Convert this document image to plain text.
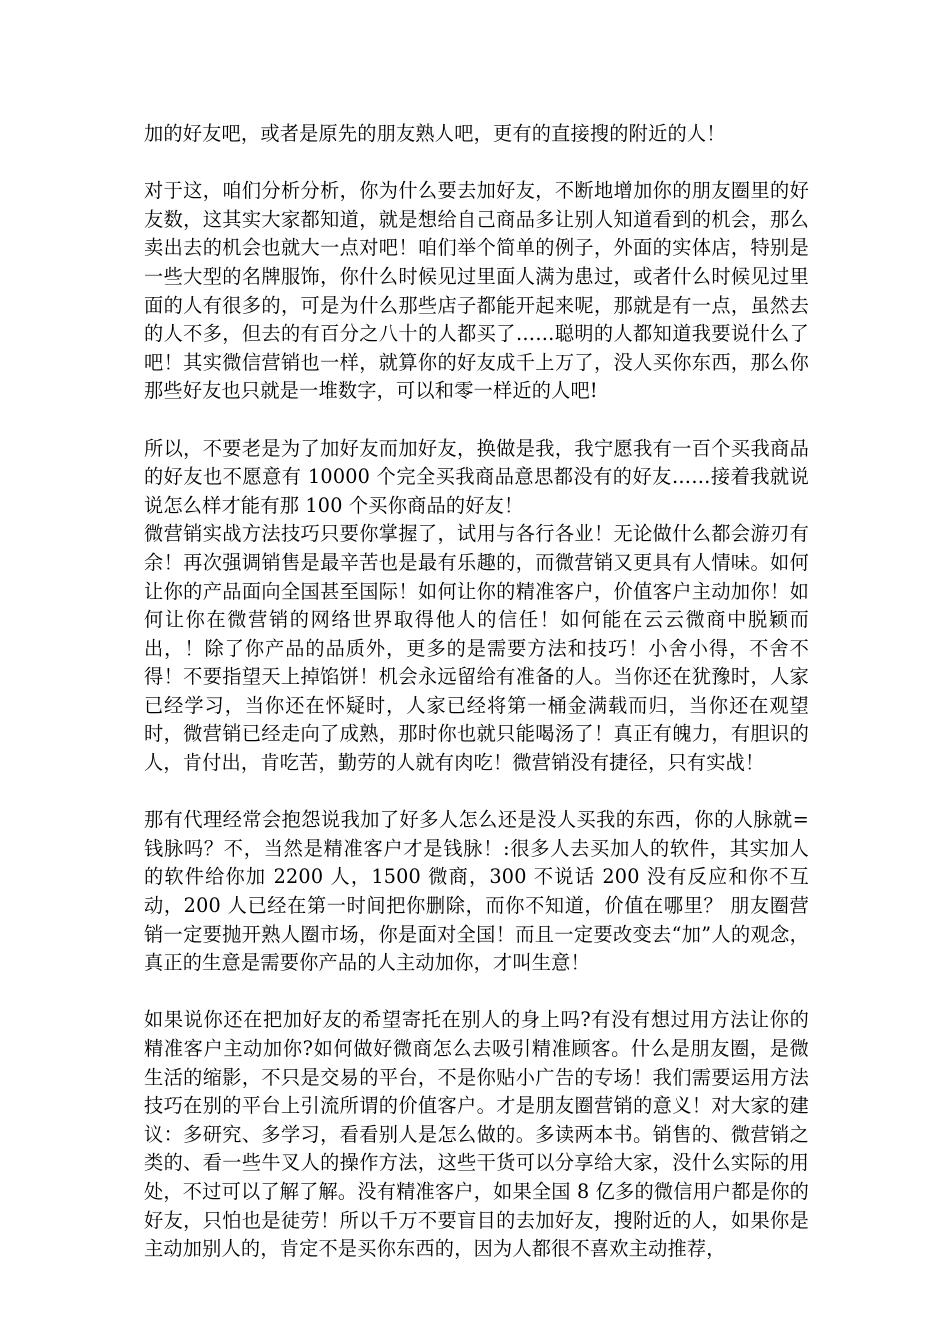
加的好友吧，或者是原先的朋友熟人吧，更有的直接搜的附近的人！

对于这，咱们分析分析，你为什么要去加好友，不断地增加你的朋友圈里的好友数，这其实大家都知道，就是想给自己商品多让别人知道看到的机会，那么卖出去的机会也就大一点对吧！咱们举个简单的例子，外面的实体店，特别是一些大型的名牌服饰，你什么时候见过里面人满为患过，或者什么时候见过里面的人有很多的，可是为什么那些店子都能开起来呢，那就是有一点，虽然去的人不多，但去的有百分之八十的人都买了……聪明的人都知道我要说什么了吧！其实微信营销也一样，就算你的好友成千上万了，没人买你东西，那么你那些好友也只就是一堆数字，可以和零一样近的人吧!

所以，不要老是为了加好友而加好友，换做是我，我宁愿我有一百个买我商品的好友也不愿意有 10000 个完全买我商品意思都没有的好友……接着我就说说怎么样才能有那 100 个买你商品的好友！

微营销实战方法技巧只要你掌握了，试用与各行各业！无论做什么都会游刃有余！再次强调销售是最辛苦也是最有乐趣的，而微营销又更具有人情味。如何让你的产品面向全国甚至国际！如何让你的精准客户，价值客户主动加你！如何让你在微营销的网络世界取得他人的信任！如何能在云云微商中脱颖而出，！除了你产品的品质外，更多的是需要方法和技巧！小舍小得，不舍不得！不要指望天上掉馅饼！机会永远留给有准备的人。当你还在犹豫时，人家已经学习，当你还在怀疑时，人家已经将第一桶金满载而归，当你还在观望时，微营销已经走向了成熟，那时你也就只能喝汤了！真正有魄力，有胆识的人，肯付出，肯吃苦，勤劳的人就有肉吃！微营销没有捷径，只有实战！

那有代理经常会抱怨说我加了好多人怎么还是没人买我的东西，你的人脉就=钱脉吗？不，当然是精准客户才是钱脉！:很多人去买加人的软件，其实加人的软件给你加 2200 人，1500 微商，300 不说话 200 没有反应和你不互动，200 人已经在第一时间把你删除，而你不知道，价值在哪里？ 朋友圈营销一定要抛开熟人圈市场，你是面对全国！而且一定要改变去“加”人的观念，真正的生意是需要你产品的人主动加你，才叫生意！

如果说你还在把加好友的希望寄托在别人的身上吗?有没有想过用方法让你的精准客户主动加你?如何做好微商怎么去吸引精准顾客。什么是朋友圈，是微生活的缩影，不只是交易的平台，不是你贴小广告的专场！我们需要运用方法技巧在别的平台上引流所谓的价值客户。才是朋友圈营销的意义！对大家的建议：多研究、多学习，看看别人是怎么做的。多读两本书。销售的、微营销之类的、看一些牛叉人的操作方法，这些干货可以分享给大家，没什么实际的用处，不过可以了解了解。没有精准客户，如果全国 8 亿多的微信用户都是你的好友，只怕也是徒劳！所以千万不要盲目的去加好友，搜附近的人，如果你是主动加别人的，肯定不是买你东西的，因为人都很不喜欢主动推荐，
